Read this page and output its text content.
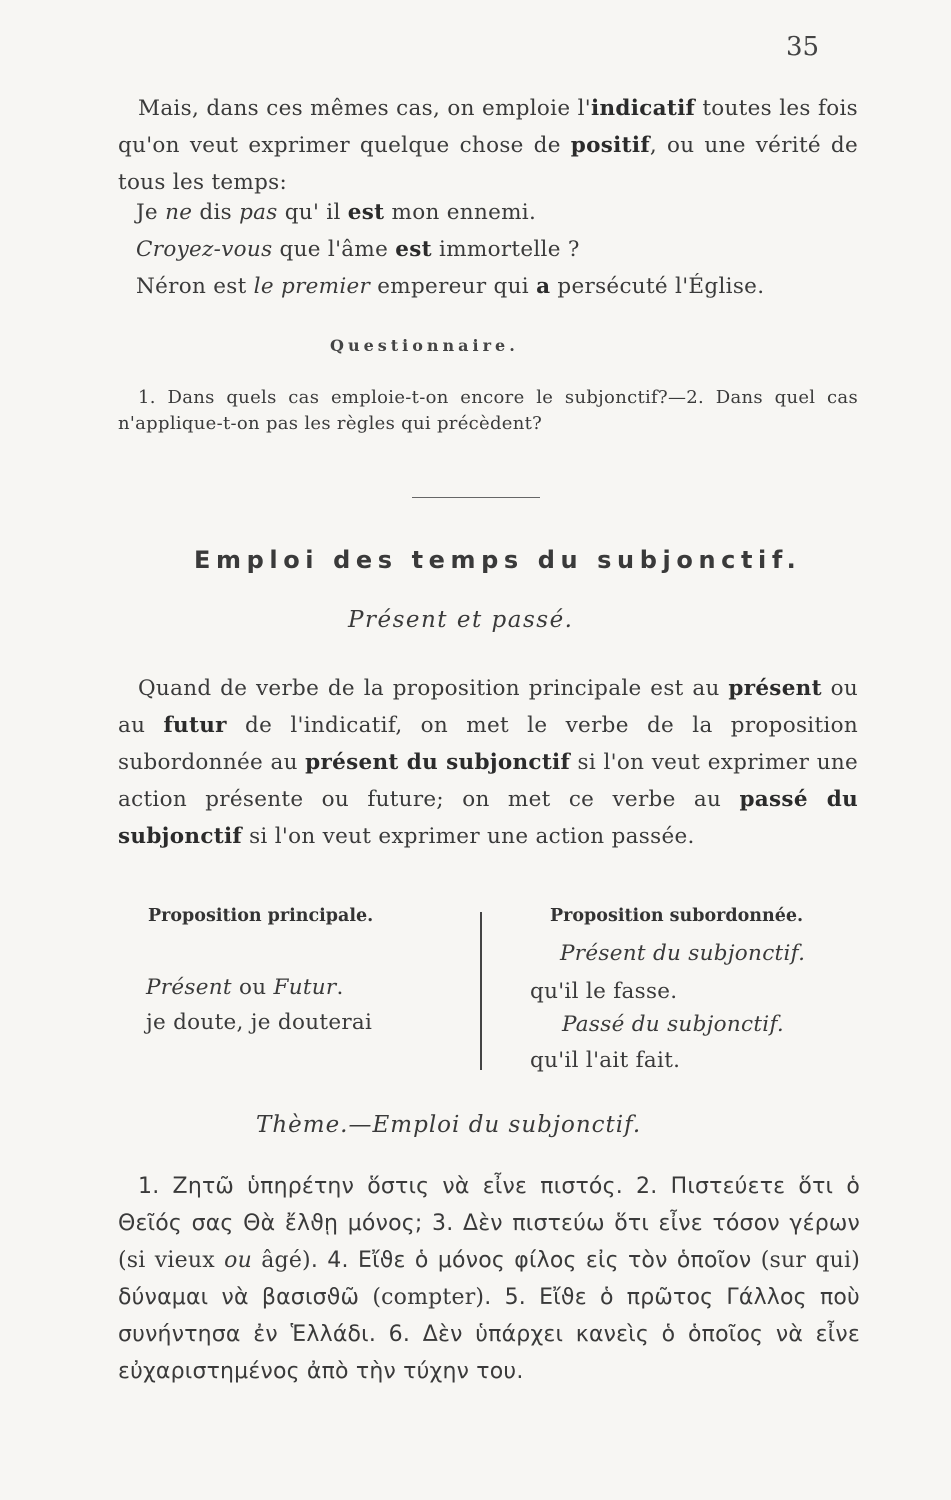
35
Mais, dans ces mêmes cas, on emploie l'indicatif toutes les fois qu'on veut exprimer quelque chose de positif, ou une vérité de tous les temps:
Je ne dis pas qu' il est mon ennemi.
Croyez-vous que l'âme est immortelle ?
Néron est le premier empereur qui a persécuté l'Église.
Questionnaire.
1. Dans quels cas emploie-t-on encore le subjonctif?—2. Dans quel cas n'applique-t-on pas les règles qui précèdent?
Emploi des temps du subjonctif.
Présent et passé.
Quand de verbe de la proposition principale est au présent ou au futur de l'indicatif, on met le verbe de la proposition subordonnée au présent du subjonctif si l'on veut exprimer une action présente ou future; on met ce verbe au passé du subjonctif si l'on veut exprimer une action passée.
Proposition principale.
Présent ou Futur.
je doute, je douterai
Proposition subordonnée.
Présent du subjonctif.
qu'il le fasse.
Passé du subjonctif.
qu'il l'ait fait.
Thème.—Emploi du subjonctif.
1. Ζητῶ ὑπηρέτην ὅστις νὰ εἶνε πιστός. 2. Πιστεύετε ὅτι ὁ Θεῖός σας Θὰ ἔλϑῃ μόνος; 3. Δὲν πιστεύω ὅτι εἶνε τόσον γέρων (si vieux ou âgé). 4. Εἴϑε ὁ μόνος φίλος εἰς τὸν ὁποῖον (sur qui) δύναμαι νὰ βασισϑῶ (compter). 5. Εἴϑε ὁ πρῶτος Γάλλος ποὺ συνήντησα ἐν Ἑλλάδι. 6. Δὲν ὑπάρχει κανεὶς ὁ ὁποῖος νὰ εἶνε εὐχαριστημένος ἀπὸ τὴν τύχην του.
